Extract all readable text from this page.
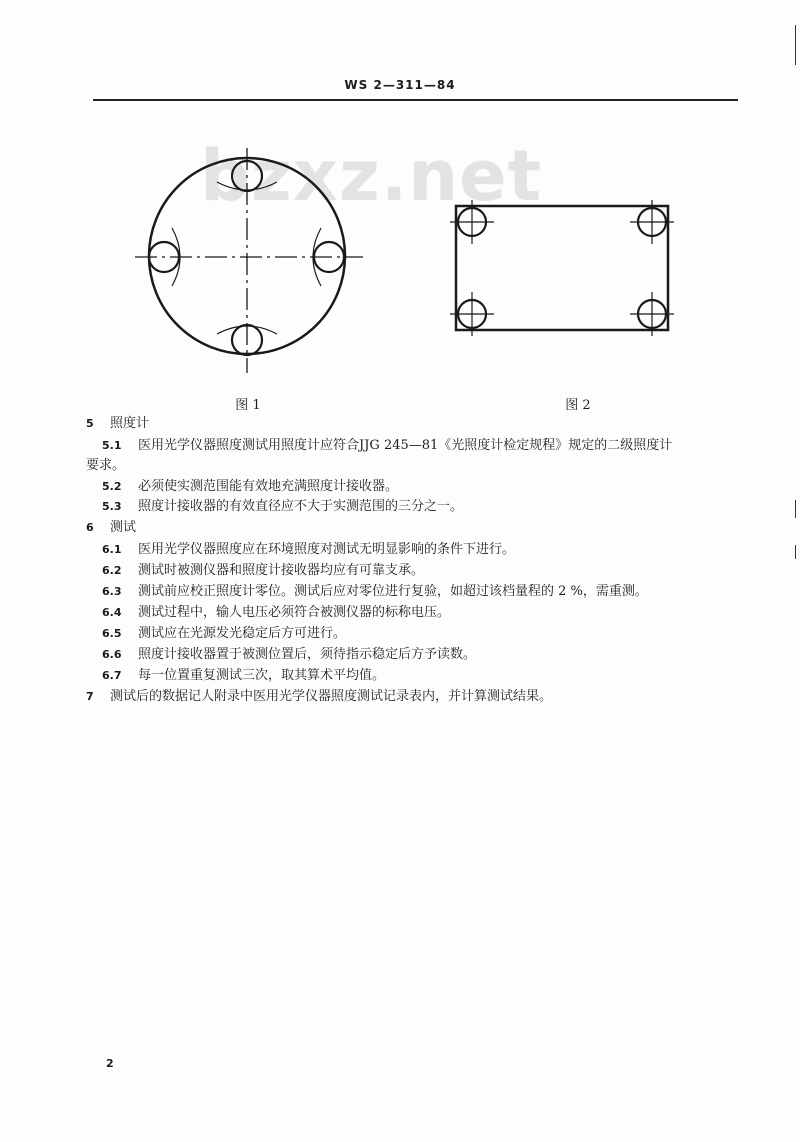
WS 2—311—84
bzxz.net
图 1	图 2
5 照度计
5.1 医用光学仪器照度测试用照度计应符合JJG 245—81《光照度计检定规程》规定的二级照度计
要求。
5.2 必须使实测范围能有效地充满照度计接收器。
5.3 照度计接收器的有效直径应不大于实测范围的三分之一。
6 测试
6.1 医用光学仪器照度应在环境照度对测试无明显影响的条件下进行。
6.2 测试时被测仪器和照度计接收器均应有可靠支承。
6.3 测试前应校正照度计零位。测试后应对零位进行复验，如超过该档量程的 2 %，需重测。
6.4 测试过程中，输人电压必须符合被测仪器的标称电压。
6.5 测试应在光源发光稳定后方可进行。
6.6 照度计接收器置于被测位置后，须待指示稳定后方予读数。
6.7 每一位置重复测试三次，取其算术平均值。
7 测试后的数据记人附录中医用光学仪器照度测试记录表内，并计算测试结果。
2
